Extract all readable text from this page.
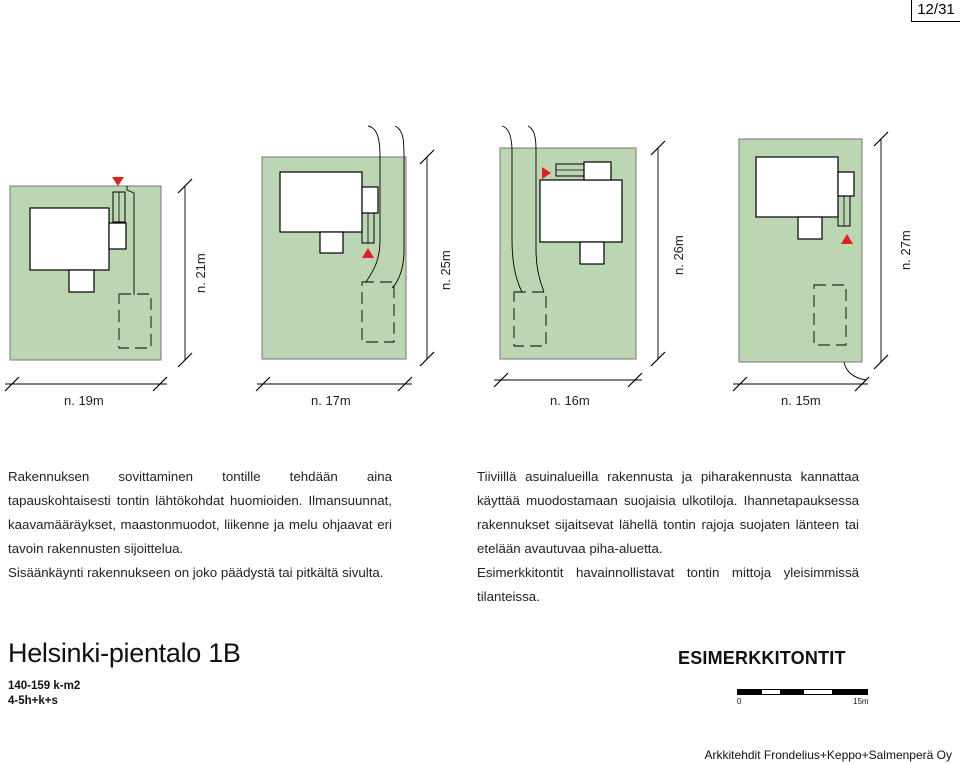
12/31
n. 21m
n. 19m
n. 25m
n. 17m
n. 26m
n. 16m
n. 27m
n. 15m

Rakennuksen sovittaminen tontille tehdään aina tapauskohtaisesti tontin lähtökohdat huomioiden. Ilmansuunnat, kaavamääräykset, maastonmuodot, liikenne ja melu ohjaavat eri tavoin rakennusten sijoittelua.

Sisäänkäynti rakennukseen on joko päädystä tai pitkältä sivulta.

Tiiviillä asuinalueilla rakennusta ja piharakennusta kannattaa käyttää muodostamaan suojaisia ulkotiloja. Ihannetapauksessa rakennukset sijaitsevat lähellä tontin rajoja suojaten länteen tai etelään avautuvaa piha-aluetta.

Esimerkkitontit havainnollistavat tontin mittoja yleisimmissä tilanteissa.

Helsinki-pientalo 1B
140-159 k-m2
4-5h+k+s
ESIMERKKITONTIT
0	15m
Arkkitehdit Frondelius+Keppo+Salmenperä Oy
